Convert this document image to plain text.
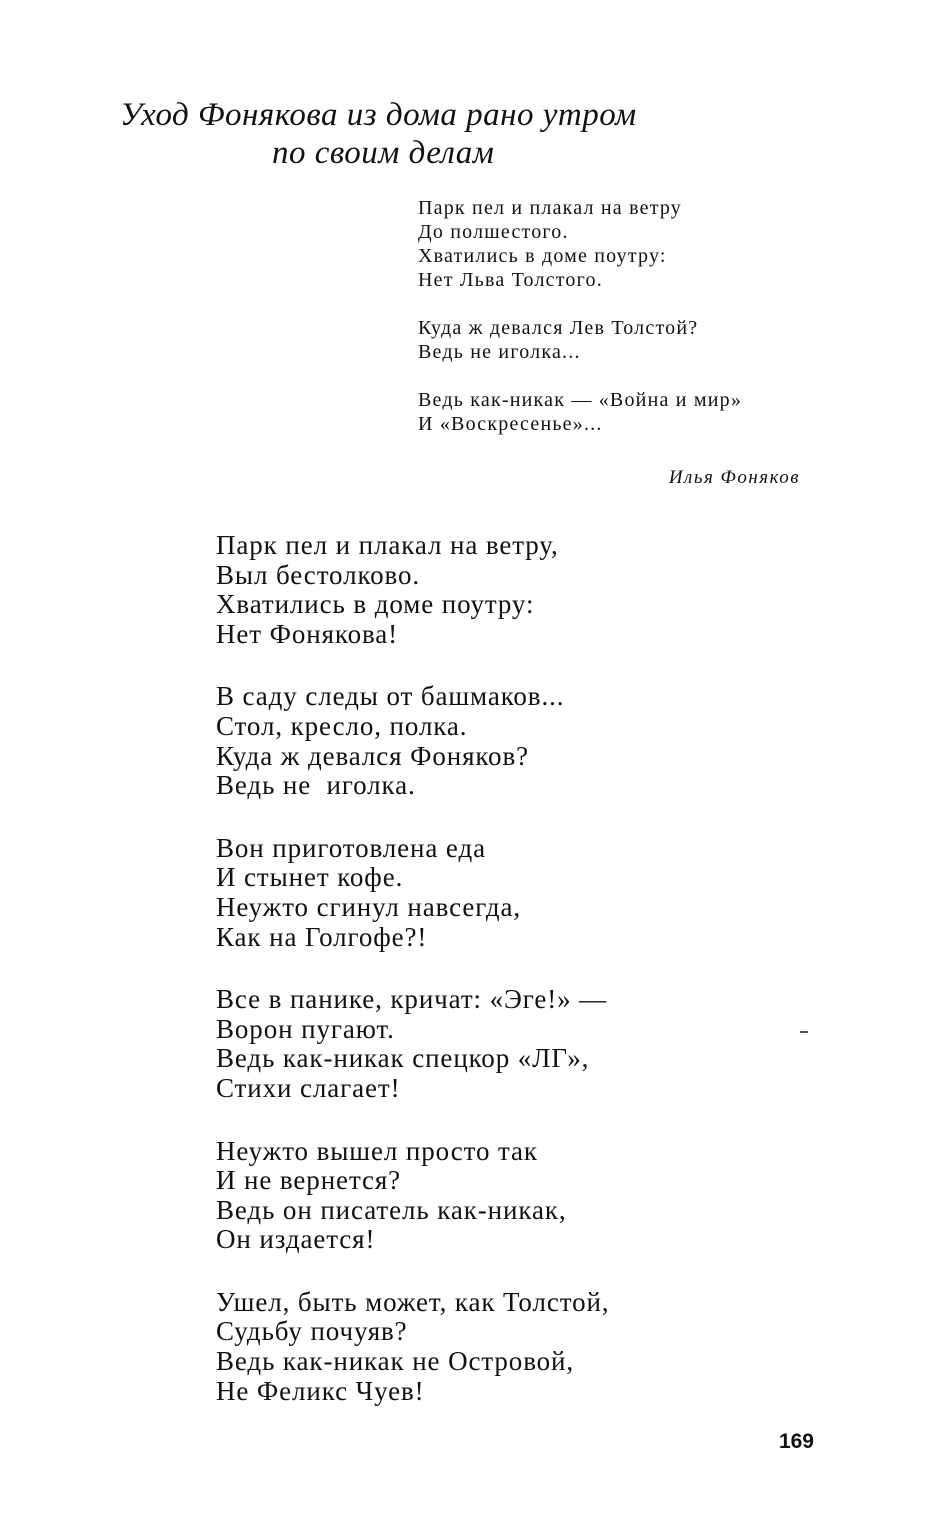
Уход Фонякова из дома рано утром
по своим делам
Парк пел и плакал на ветру
До полшестого.
Хватились в доме поутру:
Нет Льва Толстого.
Куда ж девался Лев Толстой?
Ведь не иголка...
Ведь как-никак — «Война и мир»
И «Воскресенье»...
Илья Фоняков
Парк пел и плакал на ветру,
Выл бестолково.
Хватились в доме поутру:
Нет Фонякова!
В саду следы от башмаков...
Стол, кресло, полка.
Куда ж девался Фоняков?
Ведь не  иголка.
Вон приготовлена еда
И стынет кофе.
Неужто сгинул навсегда,
Как на Голгофе?!
Все в панике, кричат: «Эге!» —
Ворон пугают.
Ведь как-никак спецкор «ЛГ»,
Стихи слагает!
Неужто вышел просто так
И не вернется?
Ведь он писатель как-никак,
Он издается!
Ушел, быть может, как Толстой,
Судьбу почуяв?
Ведь как-никак не Островой,
Не Феликс Чуев!
169
